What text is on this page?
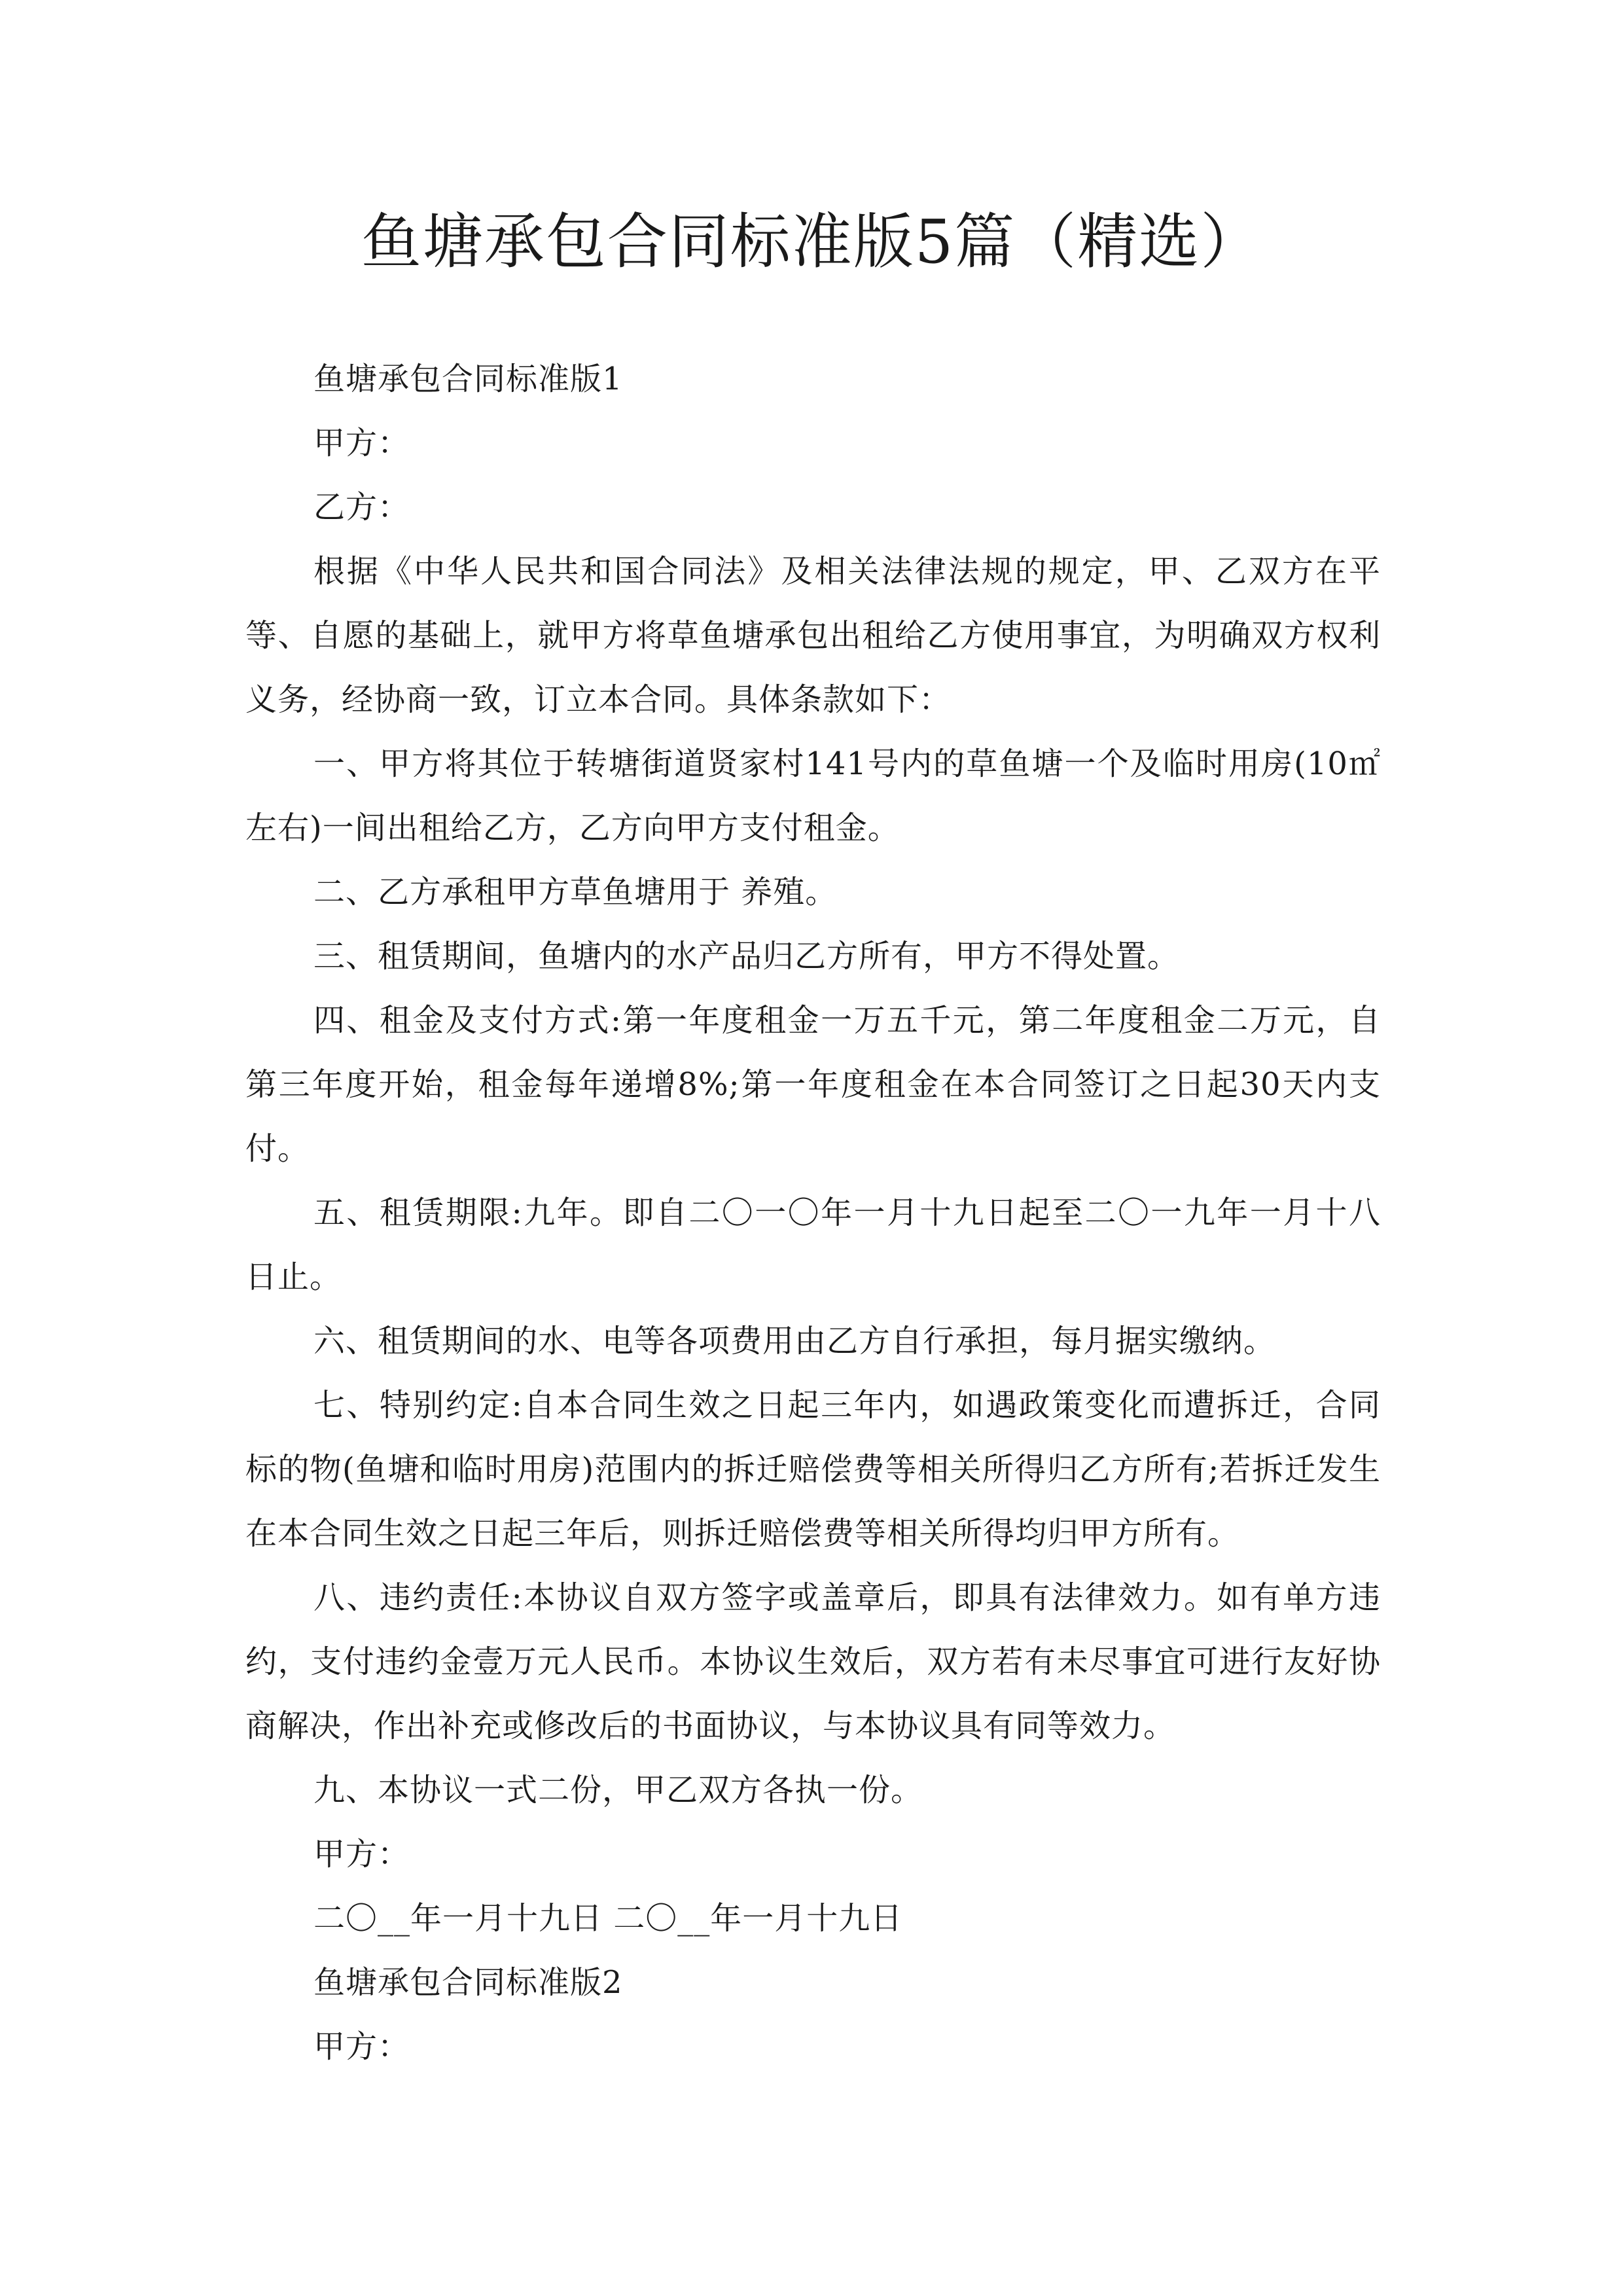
鱼塘承包合同标准版5篇（精选）

鱼塘承包合同标准版1

甲方：

乙方：

根据《中华人民共和国合同法》及相关法律法规的规定，甲、乙双方在平等、自愿的基础上，就甲方将草鱼塘承包出租给乙方使用事宜，为明确双方权利义务，经协商一致，订立本合同。具体条款如下：

一、甲方将其位于转塘街道贤家村141号内的草鱼塘一个及临时用房(10㎡左右)一间出租给乙方，乙方向甲方支付租金。

二、乙方承租甲方草鱼塘用于 养殖。

三、租赁期间，鱼塘内的水产品归乙方所有，甲方不得处置。

四、租金及支付方式:第一年度租金一万五千元，第二年度租金二万元，自第三年度开始，租金每年递增8%;第一年度租金在本合同签订之日起30天内支付。

五、租赁期限:九年。即自二〇一〇年一月十九日起至二〇一九年一月十八日止。

六、租赁期间的水、电等各项费用由乙方自行承担，每月据实缴纳。

七、特别约定:自本合同生效之日起三年内，如遇政策变化而遭拆迁，合同标的物(鱼塘和临时用房)范围内的拆迁赔偿费等相关所得归乙方所有;若拆迁发生在本合同生效之日起三年后，则拆迁赔偿费等相关所得均归甲方所有。

八、违约责任:本协议自双方签字或盖章后，即具有法律效力。如有单方违约，支付违约金壹万元人民币。本协议生效后，双方若有未尽事宜可进行友好协商解决，作出补充或修改后的书面协议，与本协议具有同等效力。

九、本协议一式二份，甲乙双方各执一份。

甲方：

二〇__年一月十九日 二〇__年一月十九日

鱼塘承包合同标准版2

甲方：
